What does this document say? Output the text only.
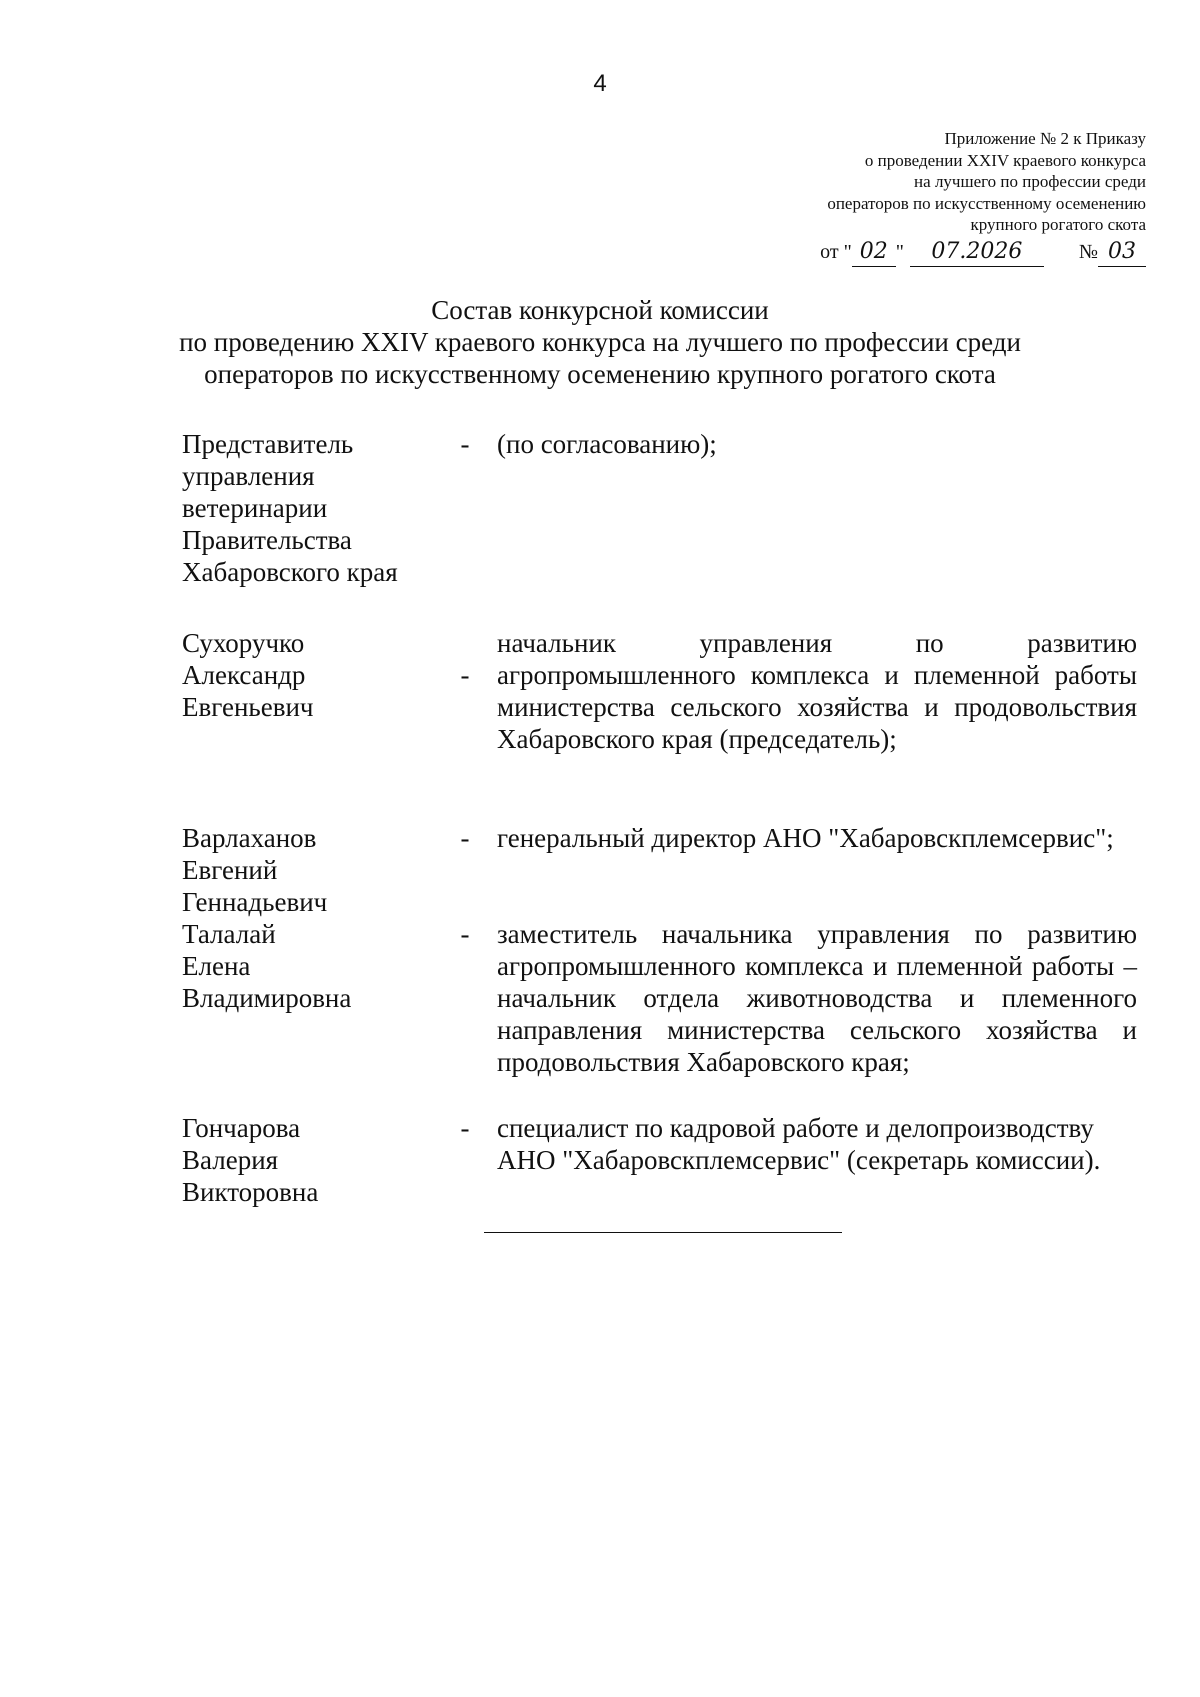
4
Приложение № 2 к Приказу
о проведении XXIV краевого конкурса
на лучшего по профессии среди
операторов по искусственному осеменению
крупного рогатого скота
от " 02 " 07.2026	№ 03
Состав конкурсной комиссии
по проведению XXIV краевого конкурса на лучшего по профессии среди
операторов по искусственному осеменению крупного рогатого скота
Представитель
управления
ветеринарии
Правительства
Хабаровского края
- (по согласованию);
Сухоручко
Александр
Евгеньевич
-
начальник управления по развитию агропромышленного комплекса и племенной работы министерства сельского хозяйства и продовольствия Хабаровского края (председатель);
Варлаханов
Евгений
Геннадьевич
- генеральный директор АНО "Хабаровскплемсервис";
Талалай
Елена
Владимировна
- заместитель начальника управления по развитию агропромышленного комплекса и племенной работы – начальник отдела животноводства и племенного направления министерства сельского хозяйства и продовольствия Хабаровского края;
Гончарова
Валерия
Викторовна
- специалист по кадровой работе и делопроизводству АНО "Хабаровскплемсервис" (секретарь комиссии).
